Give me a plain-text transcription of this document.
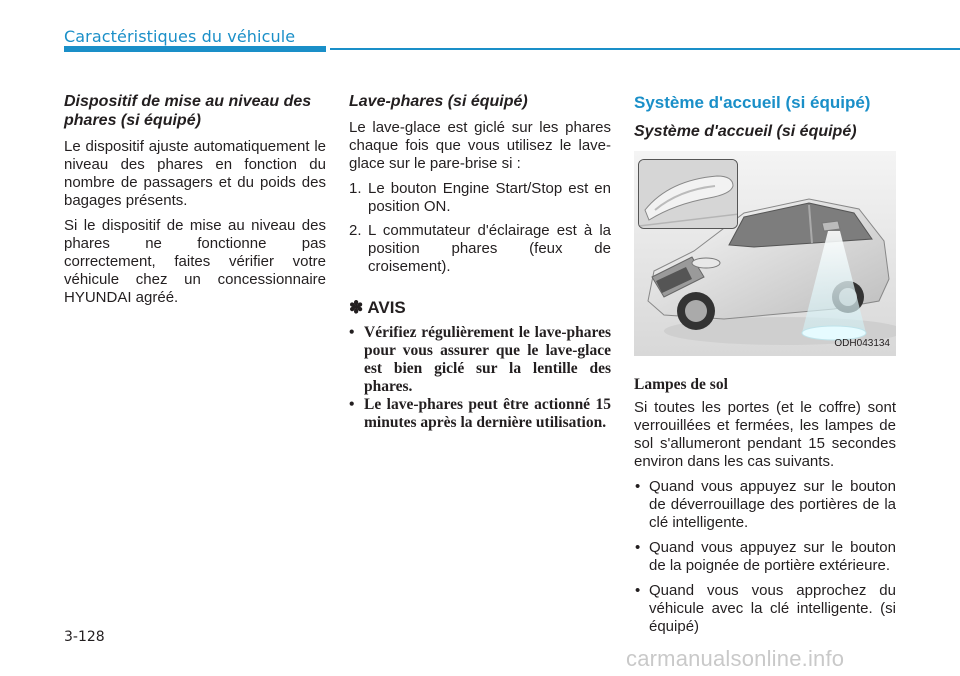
Caractéristiques du véhicule
Dispositif de mise au niveau des phares (si équipé)

Le dispositif ajuste automatiquement le niveau des phares en fonction du nombre de passagers et du poids des bagages présents.

Si le dispositif de mise au niveau des phares ne fonctionne pas correctement, faites vérifier votre véhicule chez un concessionnaire HYUNDAI agréé.

Lave-phares (si équipé)

Le lave-glace est giclé sur les phares chaque fois que vous utilisez le lave-glace sur le pare-brise si :

1. Le bouton Engine Start/Stop est en position ON.
2. L commutateur d'éclairage est à la position phares (feux de croisement).
✽ AVIS
• Vérifiez régulièrement le lave-phares pour vous assurer que le lave-glace est bien giclé sur la lentille des phares.
• Le lave-phares peut être actionné 15 minutes après la dernière utilisation.
Système d'accueil (si équipé)
Système d'accueil (si équipé)
ODH043134
Lampes de sol

Si toutes les portes (et le coffre) sont verrouillées et fermées, les lampes de sol s'allumeront pendant 15 secondes environ dans les cas suivants.

• Quand vous appuyez sur le bouton de déverrouillage des portières de la clé intelligente.
• Quand vous appuyez sur le bouton de la poignée de portière extérieure.
• Quand vous vous approchez du véhicule avec la clé intelligente. (si équipé)
3-128
carmanualsonline.info
